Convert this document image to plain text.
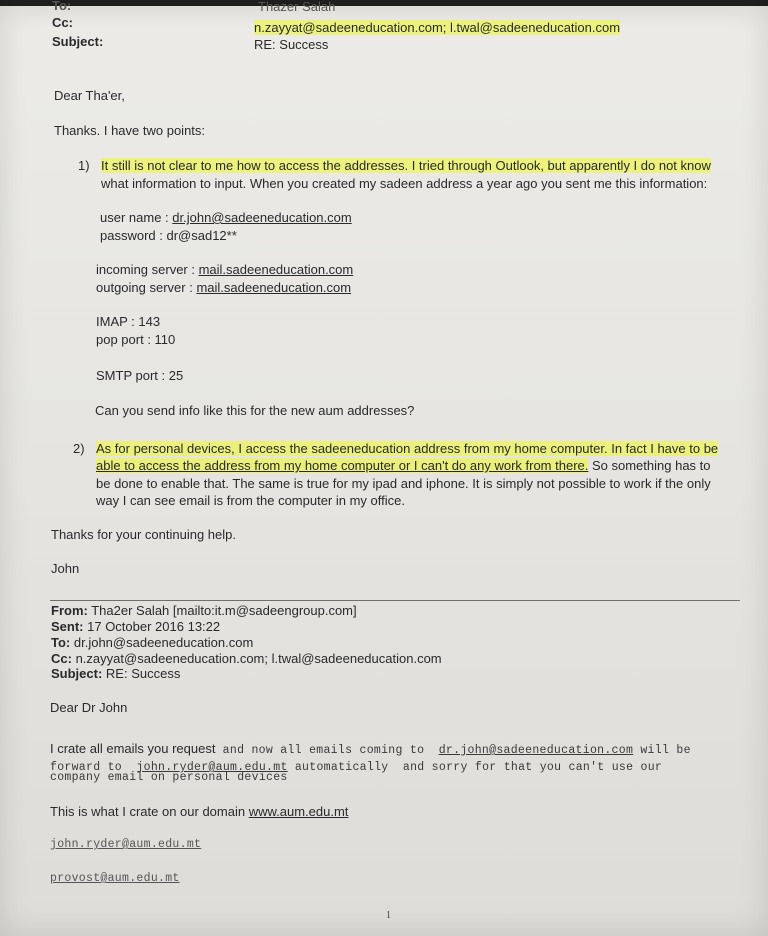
To:	Thazer Salah
Cc:	n.zayyat@sadeeneducation.com; l.twal@sadeeneducation.com
Subject:	RE: Success
Dear Tha'er,
Thanks. I have two points:
1) It still is not clear to me how to access the addresses. I tried through Outlook, but apparently I do not know
what information to input. When you created my sadeen address a year ago you sent me this information:
user name : dr.john@sadeeneducation.com
password : dr@sad12**
incoming server : mail.sadeeneducation.com
outgoing server : mail.sadeeneducation.com
IMAP : 143
pop port : 110
SMTP port : 25
Can you send info like this for the new aum addresses?
2) As for personal devices, I access the sadeeneducation address from my home computer. In fact I have to be
able to access the address from my home computer or I can't do any work from there. So something has to
be done to enable that. The same is true for my ipad and iphone. It is simply not possible to work if the only
way I can see email is from the computer in my office.
Thanks for your continuing help.
John
From: Tha2er Salah [mailto:it.m@sadeengroup.com]
Sent: 17 October 2016 13:22
To: dr.john@sadeeneducation.com
Cc: n.zayyat@sadeeneducation.com; l.twal@sadeeneducation.com
Subject: RE: Success
Dear Dr John
I crate all emails you request and now all emails coming to  dr.john@sadeeneducation.com will be
forward to  john.ryder@aum.edu.mt automatically  and sorry for that you can't use our
company email on personal devices
This is what I crate on our domain www.aum.edu.mt
john.ryder@aum.edu.mt
provost@aum.edu.mt
1
